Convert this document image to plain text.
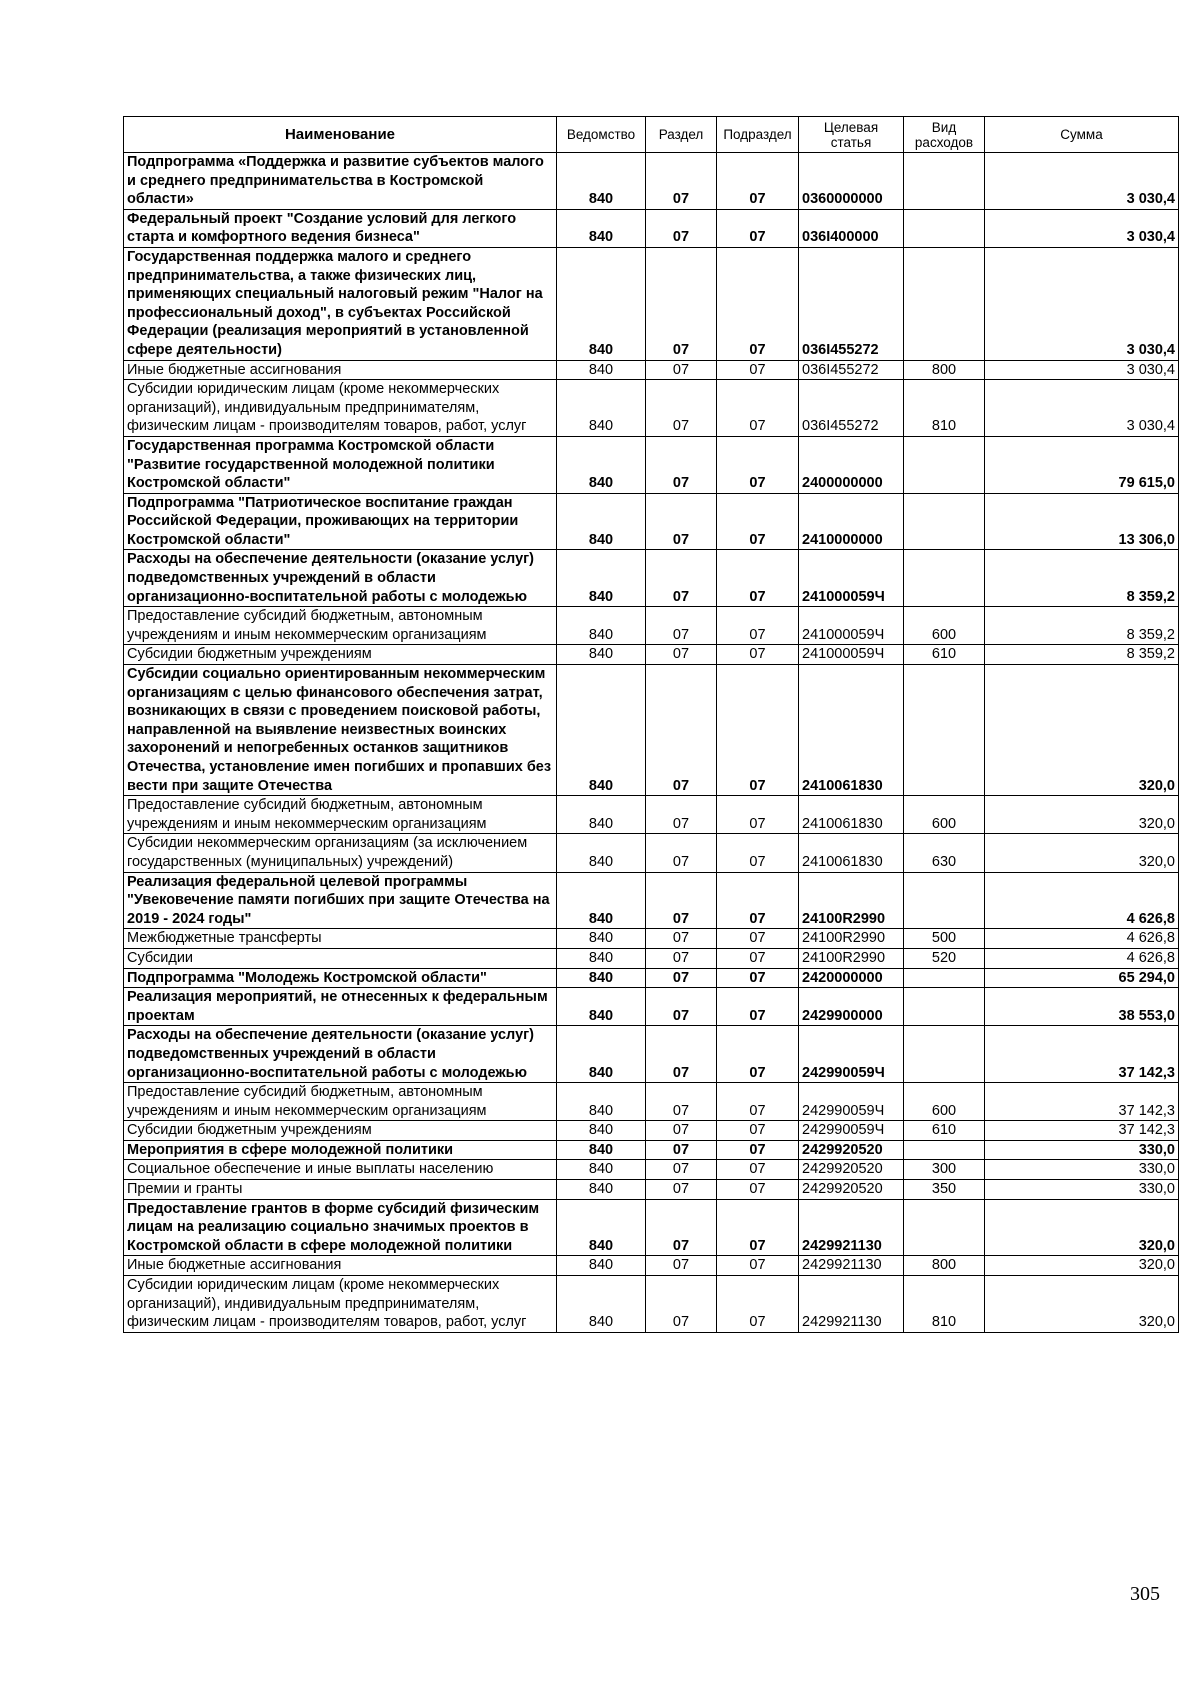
Наименование	Ведомство	Раздел	Подраздел	Целевая статья	Вид расходов	Сумма
Подпрограмма «Поддержка и развитие субъектов малого и среднего предпринимательства в Костромской области»	840	07	07	0360000000		3 030,4
Федеральный проект "Создание условий для легкого старта и комфортного ведения бизнеса"	840	07	07	036I400000		3 030,4
Государственная поддержка малого и среднего предпринимательства, а также физических лиц, применяющих специальный налоговый режим "Налог на профессиональный доход", в субъектах Российской Федерации (реализация мероприятий в установленной сфере деятельности)	840	07	07	036I455272		3 030,4
Иные бюджетные ассигнования	840	07	07	036I455272	800	3 030,4
Субсидии юридическим лицам (кроме некоммерческих организаций), индивидуальным предпринимателям, физическим лицам - производителям товаров, работ, услуг	840	07	07	036I455272	810	3 030,4
Государственная программа Костромской области "Развитие государственной молодежной политики Костромской области"	840	07	07	2400000000		79 615,0
Подпрограмма "Патриотическое воспитание граждан Российской Федерации, проживающих на территории Костромской области"	840	07	07	2410000000		13 306,0
Расходы на обеспечение деятельности (оказание услуг) подведомственных учреждений в области организационно-воспитательной работы с молодежью	840	07	07	241000059Ч		8 359,2
Предоставление субсидий бюджетным, автономным учреждениям и иным некоммерческим организациям	840	07	07	241000059Ч	600	8 359,2
Субсидии бюджетным учреждениям	840	07	07	241000059Ч	610	8 359,2
Субсидии социально ориентированным некоммерческим организациям с целью финансового обеспечения затрат, возникающих в связи с проведением поисковой работы, направленной на выявление неизвестных воинских захоронений и непогребенных останков защитников Отечества, установление имен погибших и пропавших без вести при защите Отечества	840	07	07	2410061830		320,0
Предоставление субсидий бюджетным, автономным учреждениям и иным некоммерческим организациям	840	07	07	2410061830	600	320,0
Субсидии некоммерческим организациям (за исключением государственных (муниципальных) учреждений)	840	07	07	2410061830	630	320,0
Реализация федеральной целевой программы "Увековечение памяти погибших при защите Отечества на 2019 - 2024 годы"	840	07	07	24100R2990		4 626,8
Межбюджетные трансферты	840	07	07	24100R2990	500	4 626,8
Субсидии	840	07	07	24100R2990	520	4 626,8
Подпрограмма "Молодежь Костромской области"	840	07	07	2420000000		65 294,0
Реализация мероприятий, не отнесенных к федеральным проектам	840	07	07	2429900000		38 553,0
Расходы на обеспечение деятельности (оказание услуг) подведомственных учреждений в области организационно-воспитательной работы с молодежью	840	07	07	242990059Ч		37 142,3
Предоставление субсидий бюджетным, автономным учреждениям и иным некоммерческим организациям	840	07	07	242990059Ч	600	37 142,3
Субсидии бюджетным учреждениям	840	07	07	242990059Ч	610	37 142,3
Мероприятия в сфере молодежной политики	840	07	07	2429920520		330,0
Социальное обеспечение и иные выплаты населению	840	07	07	2429920520	300	330,0
Премии и гранты	840	07	07	2429920520	350	330,0
Предоставление грантов в форме субсидий физическим лицам на реализацию социально значимых проектов в Костромской области в сфере молодежной политики	840	07	07	2429921130		320,0
Иные бюджетные ассигнования	840	07	07	2429921130	800	320,0
Субсидии юридическим лицам (кроме некоммерческих организаций), индивидуальным предпринимателям, физическим лицам - производителям товаров, работ, услуг	840	07	07	2429921130	810	320,0
305
